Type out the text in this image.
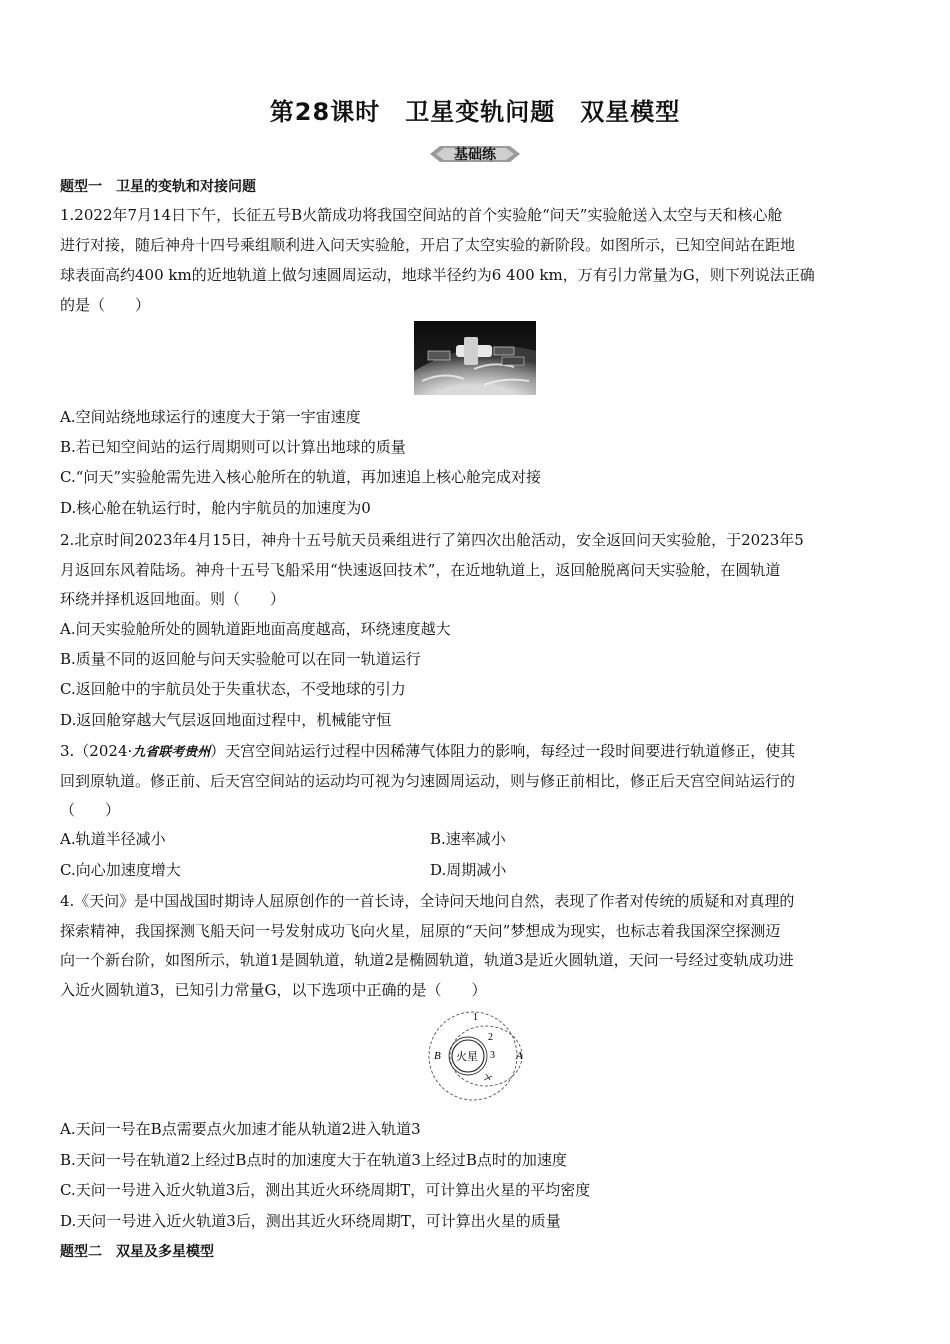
第28课时　卫星变轨问题　双星模型
基础练
题型一　卫星的变轨和对接问题
1.2022年7月14日下午，长征五号B火箭成功将我国空间站的首个实验舱“问天”实验舱送入太空与天和核心舱
进行对接，随后神舟十四号乘组顺利进入问天实验舱，开启了太空实验的新阶段。如图所示，已知空间站在距地
球表面高约400 km的近地轨道上做匀速圆周运动，地球半径约为6 400 km，万有引力常量为G，则下列说法正确
的是（　　）
A.空间站绕地球运行的速度大于第一宇宙速度
B.若已知空间站的运行周期则可以计算出地球的质量
C.“问天”实验舱需先进入核心舱所在的轨道，再加速追上核心舱完成对接
D.核心舱在轨运行时，舱内宇航员的加速度为0
2.北京时间2023年4月15日，神舟十五号航天员乘组进行了第四次出舱活动，安全返回问天实验舱，于2023年5
月返回东风着陆场。神舟十五号飞船采用“快速返回技术”，在近地轨道上，返回舱脱离问天实验舱，在圆轨道
环绕并择机返回地面。则（　　）
A.问天实验舱所处的圆轨道距地面高度越高，环绕速度越大
B.质量不同的返回舱与问天实验舱可以在同一轨道运行
C.返回舱中的宇航员处于失重状态，不受地球的引力
D.返回舱穿越大气层返回地面过程中，机械能守恒
3.（2024·九省联考贵州）天宫空间站运行过程中因稀薄气体阻力的影响，每经过一段时间要进行轨道修正，使其
回到原轨道。修正前、后天宫空间站的运动均可视为匀速圆周运动，则与修正前相比，修正后天宫空间站运行的
（　　）
A.轨道半径减小	B.速率减小
C.向心加速度增大	D.周期减小
4.《天问》是中国战国时期诗人屈原创作的一首长诗，全诗问天地问自然，表现了作者对传统的质疑和对真理的
探索精神，我国探测飞船天问一号发射成功飞向火星，屈原的“天问”梦想成为现实，也标志着我国深空探测迈
向一个新台阶，如图所示，轨道1是圆轨道，轨道2是椭圆轨道，轨道3是近火圆轨道，天问一号经过变轨成功进
入近火圆轨道3，已知引力常量G，以下选项中正确的是（　　）
火星
1
2
3 A
B
A.天问一号在B点需要点火加速才能从轨道2进入轨道3
B.天问一号在轨道2上经过B点时的加速度大于在轨道3上经过B点时的加速度
C.天问一号进入近火轨道3后，测出其近火环绕周期T，可计算出火星的平均密度
D.天问一号进入近火轨道3后，测出其近火环绕周期T，可计算出火星的质量
题型二　双星及多星模型
